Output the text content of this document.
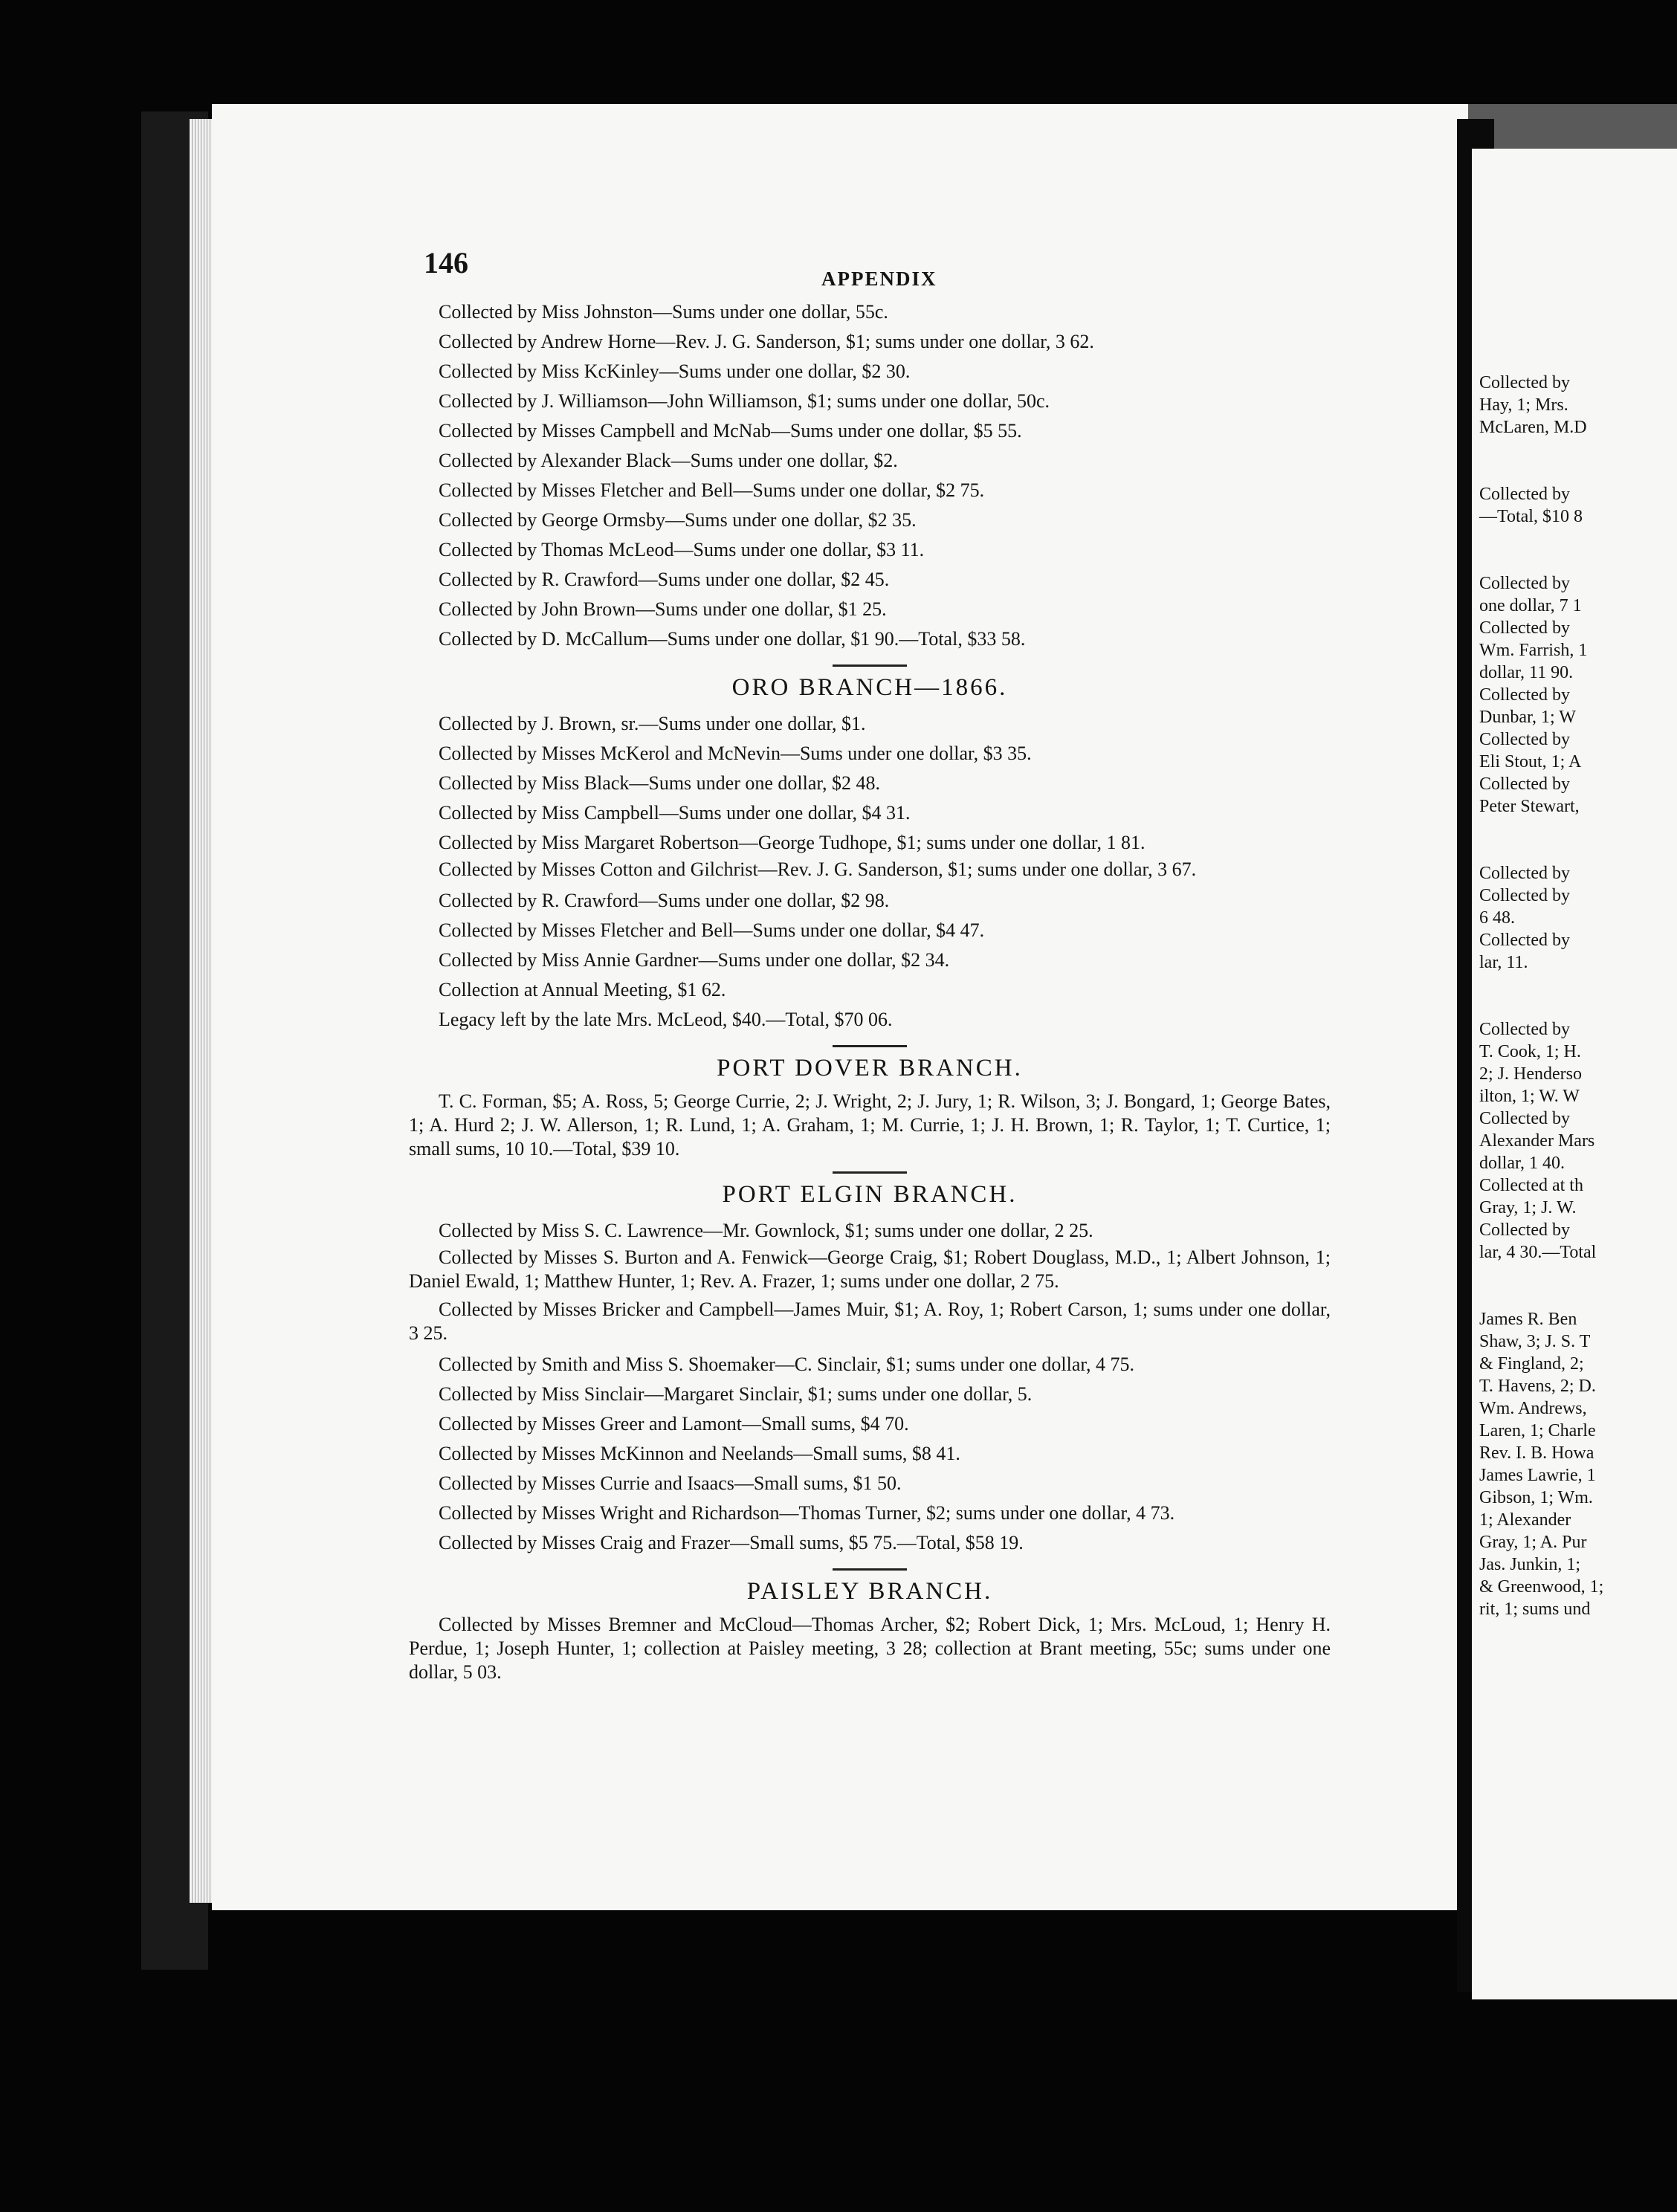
Collected by

Hay, 1; Mrs.

McLaren, M.D

Collected by

—Total, $10 8

Collected by

one dollar, 7 1

Collected by

Wm. Farrish, 1

dollar, 11 90.

Collected by

Dunbar, 1; W

Collected by

Eli Stout, 1; A

Collected by

Peter Stewart,

Collected by

Collected by

6 48.

Collected by

lar, 11.

Collected by

T. Cook, 1; H.

2; J. Henderso

ilton, 1; W. W

Collected by

Alexander Mars

dollar, 1 40.

Collected at th

Gray, 1; J. W.

Collected by

lar, 4 30.—Total

James R. Ben

Shaw, 3; J. S. T

& Fingland, 2;

T. Havens, 2; D.

Wm. Andrews,

Laren, 1; Charle

Rev. I. B. Howa

James Lawrie, 1

Gibson, 1; Wm.

1; Alexander

Gray, 1; A. Pur

Jas. Junkin, 1;

& Greenwood, 1;

rit, 1; sums und

146	APPENDIX

Collected by Miss Johnston—Sums under one dollar, 55c.

Collected by Andrew Horne—Rev. J. G. Sanderson, $1; sums under one dollar, 3 62.

Collected by Miss KcKinley—Sums under one dollar, $2 30.

Collected by J. Williamson—John Williamson, $1; sums under one dollar, 50c.

Collected by Misses Campbell and McNab—Sums under one dollar, $5 55.

Collected by Alexander Black—Sums under one dollar, $2.

Collected by Misses Fletcher and Bell—Sums under one dollar, $2 75.

Collected by George Ormsby—Sums under one dollar, $2 35.

Collected by Thomas McLeod—Sums under one dollar, $3 11.

Collected by R. Crawford—Sums under one dollar, $2 45.

Collected by John Brown—Sums under one dollar, $1 25.

Collected by D. McCallum—Sums under one dollar, $1 90.—Total, $33 58.

ORO BRANCH—1866.

Collected by J. Brown, sr.—Sums under one dollar, $1.

Collected by Misses McKerol and McNevin—Sums under one dollar, $3 35.

Collected by Miss Black—Sums under one dollar, $2 48.

Collected by Miss Campbell—Sums under one dollar, $4 31.

Collected by Miss Margaret Robertson—George Tudhope, $1; sums under one dollar, 1 81.

Collected by Misses Cotton and Gilchrist—Rev. J. G. Sanderson, $1; sums under one dollar, 3 67.

Collected by R. Crawford—Sums under one dollar, $2 98.

Collected by Misses Fletcher and Bell—Sums under one dollar, $4 47.

Collected by Miss Annie Gardner—Sums under one dollar, $2 34.

Collection at Annual Meeting, $1 62.

Legacy left by the late Mrs. McLeod, $40.—Total, $70 06.

PORT DOVER BRANCH.

T. C. Forman, $5; A. Ross, 5; George Currie, 2; J. Wright, 2; J. Jury, 1; R. Wilson, 3; J. Bongard, 1; George Bates, 1; A. Hurd 2; J. W. Allerson, 1; R. Lund, 1; A. Graham, 1; M. Currie, 1; J. H. Brown, 1; R. Taylor, 1; T. Curtice, 1; small sums, 10 10.—Total, $39 10.

PORT ELGIN BRANCH.

Collected by Miss S. C. Lawrence—Mr. Gownlock, $1; sums under one dollar, 2 25.

Collected by Misses S. Burton and A. Fenwick—George Craig, $1; Robert Douglass, M.D., 1; Albert Johnson, 1; Daniel Ewald, 1; Matthew Hunter, 1; Rev. A. Frazer, 1; sums under one dollar, 2 75.

Collected by Misses Bricker and Campbell—James Muir, $1; A. Roy, 1; Robert Carson, 1; sums under one dollar, 3 25.

Collected by Smith and Miss S. Shoemaker—C. Sinclair, $1; sums under one dollar, 4 75.

Collected by Miss Sinclair—Margaret Sinclair, $1; sums under one dollar, 5.

Collected by Misses Greer and Lamont—Small sums, $4 70.

Collected by Misses McKinnon and Neelands—Small sums, $8 41.

Collected by Misses Currie and Isaacs—Small sums, $1 50.

Collected by Misses Wright and Richardson—Thomas Turner, $2; sums under one dollar, 4 73.

Collected by Misses Craig and Frazer—Small sums, $5 75.—Total, $58 19.

PAISLEY BRANCH.

Collected by Misses Bremner and McCloud—Thomas Archer, $2; Robert Dick, 1; Mrs. McLoud, 1; Henry H. Perdue, 1; Joseph Hunter, 1; collection at Paisley meeting, 3 28; collection at Brant meeting, 55c; sums under one dollar, 5 03.
